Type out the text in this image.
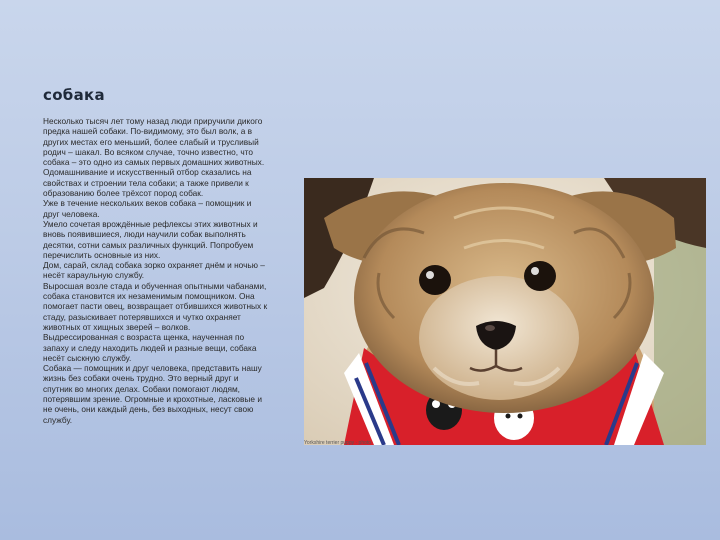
собака

Несколько тысяч лет тому назад люди приручили дикого предка нашей собаки. По-видимому, это был волк, а в других местах его меньший, более слабый и трусливый родич – шакал. Во всяком случае, точно известно, что собака – это одно из самых первых домашних животных. Одомашнивание и искусственный отбор сказались на свойствах и строении тела собаки; а также привели к образованию более трёхсот пород собак.

Уже в течение нескольких веков собака – помощник и друг человека.

Умело сочетая врождённые рефлексы этих животных и вновь появившиеся, люди научили собак выполнять десятки, сотни самых различных функций. Попробуем перечислить основные из них.

Дом, сарай, склад собака зорко охраняет днём и ночью – несёт караульную службу.

Выросшая возле стада и обученная опытными чабанами, собака становится их незаменимым помощником. Она помогает пасти овец, возвращает отбившихся животных к стаду, разыскивает потерявшихся и чутко охраняет животных от хищных зверей – волков.

Выдрессированная с возраста щенка, наученная по запаху и следу находить людей и разные вещи, собака несёт сыскную службу.

Собака — помощник и друг человека, представить нашу жизнь без собаки очень трудно. Это верный друг и спутник во многих делах. Собаки помогают людям, потерявшим зрение. Огромные и крохотные, ласковые и не очень, они каждый день, без выходных, несут свою службу.

Yorkshire terrier puppy · photo
